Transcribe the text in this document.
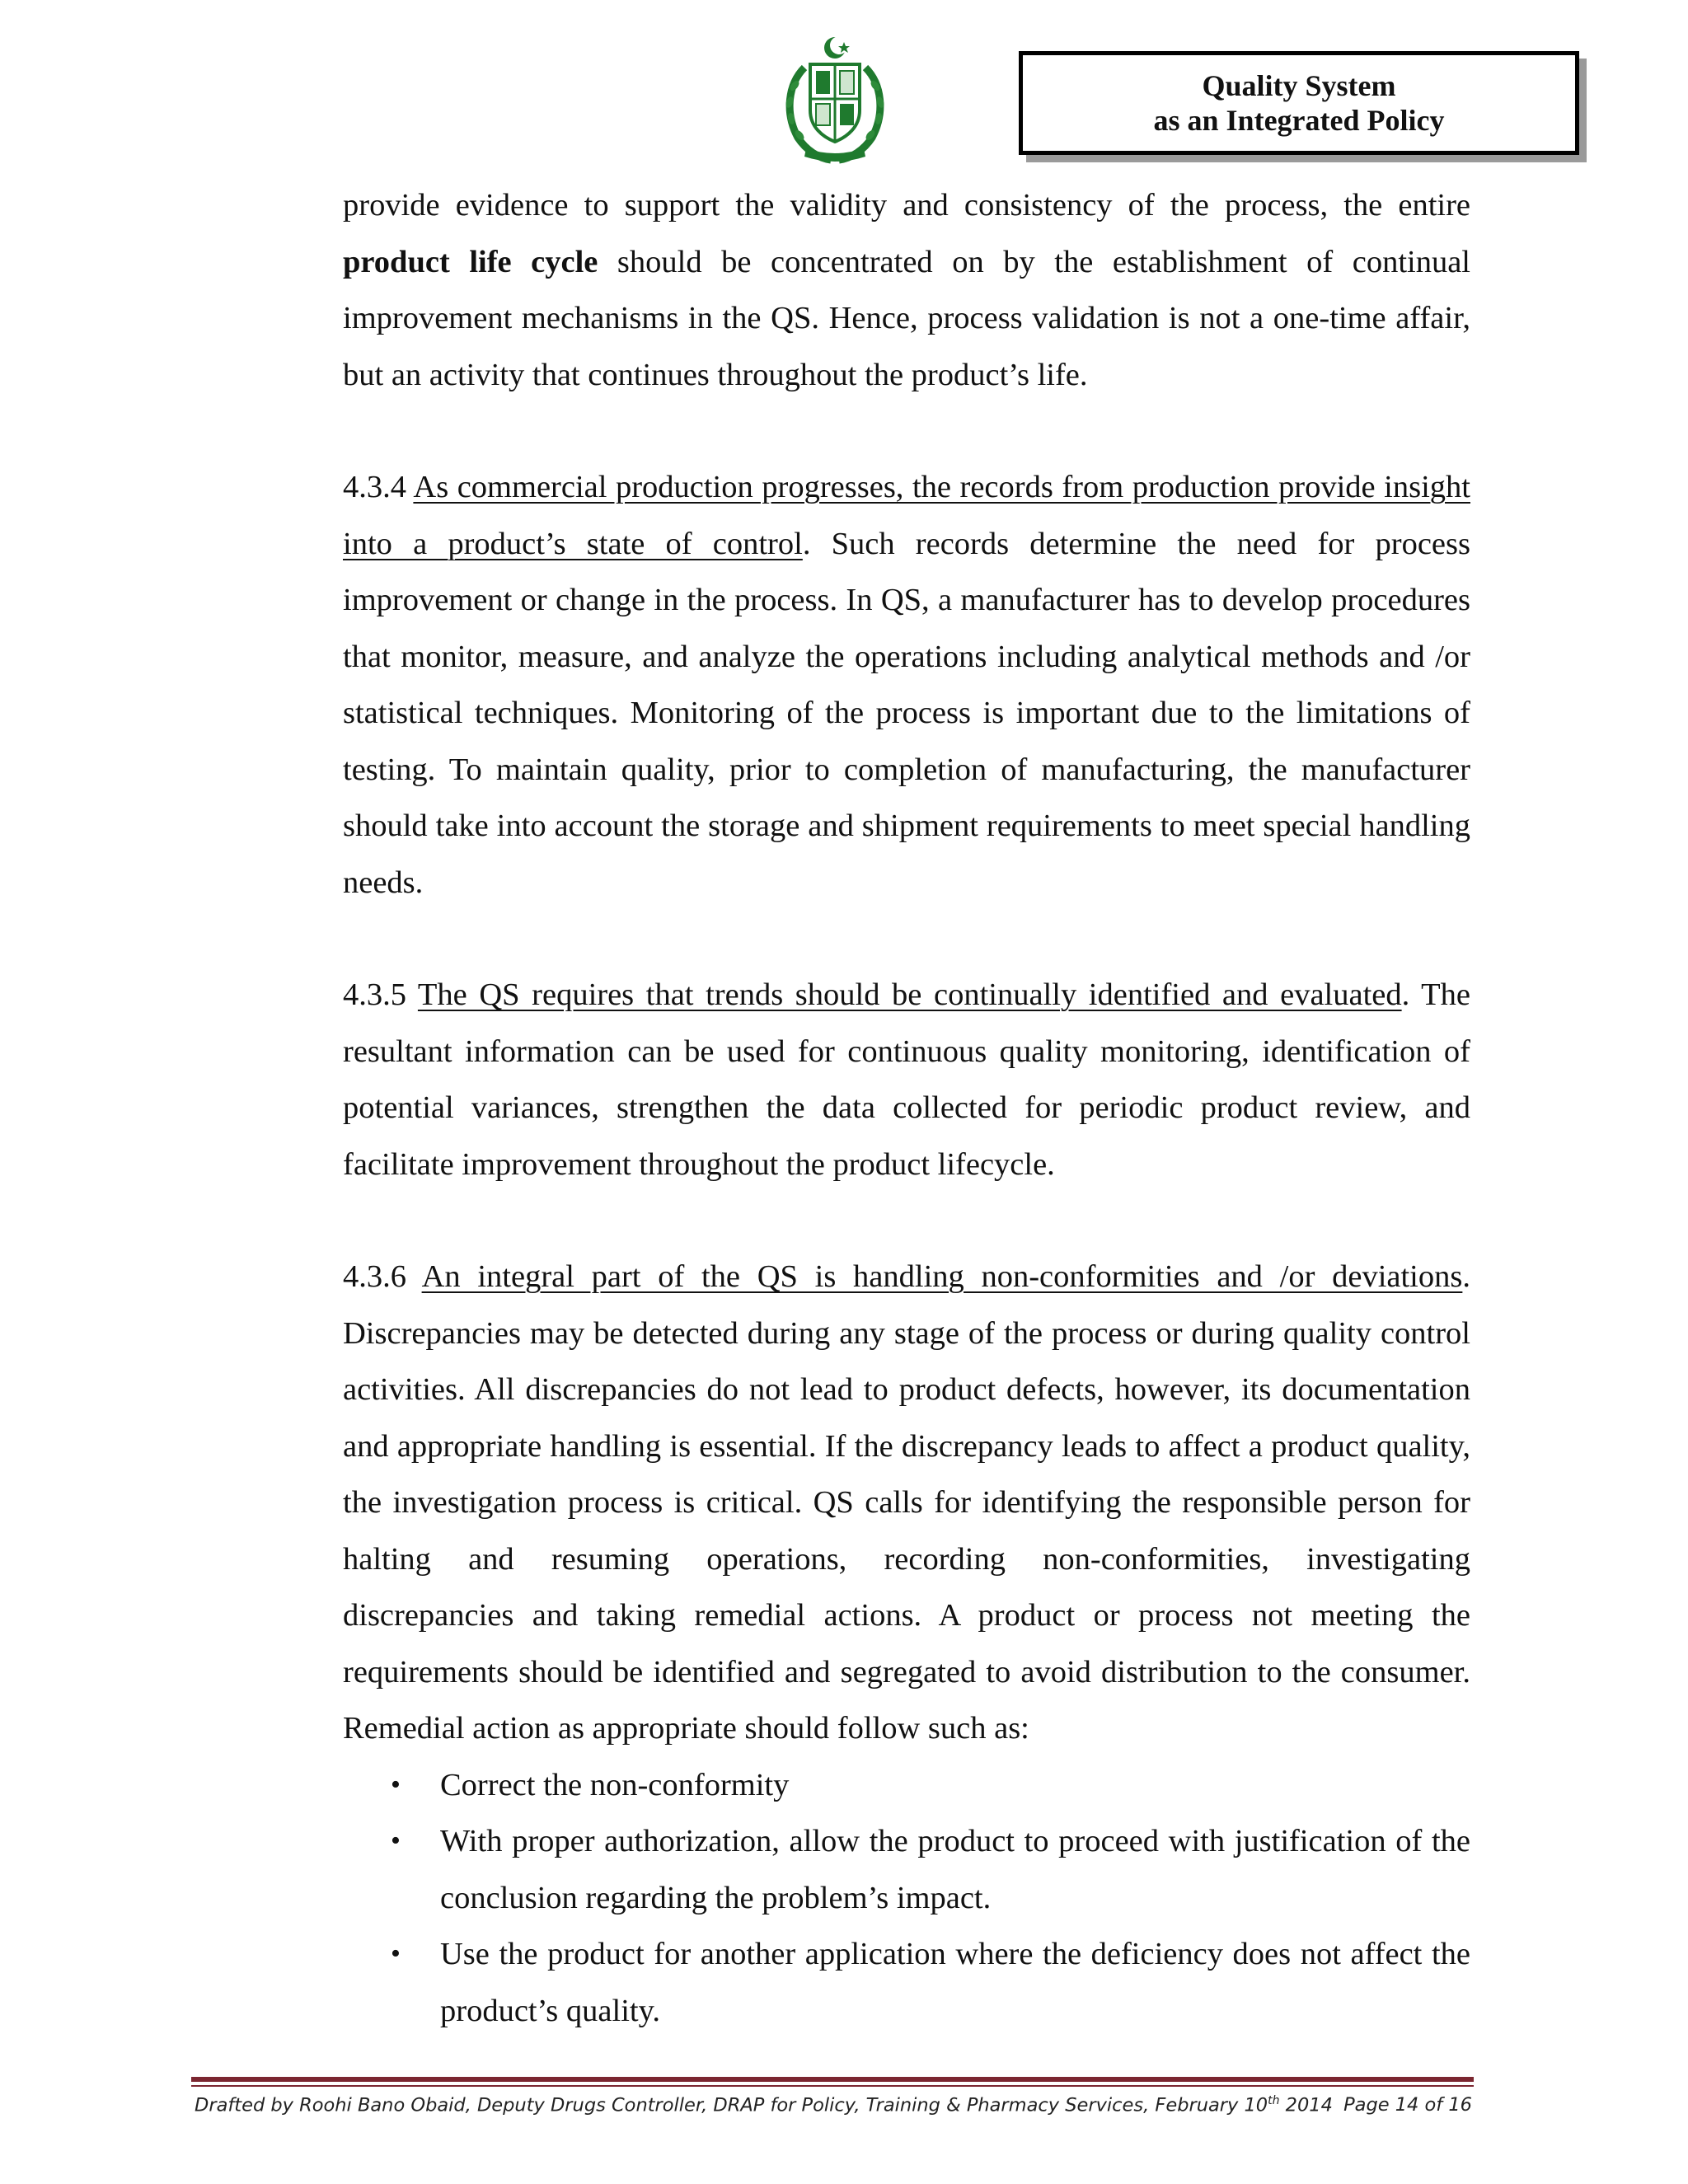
Quality System
as an Integrated Policy

provide evidence to support the validity and consistency of the process, the entire product life cycle should be concentrated on by the establishment of continual improvement mechanisms in the QS. Hence, process validation is not a one-time affair, but an activity that continues throughout the product’s life.

4.3.4 As commercial production progresses, the records from production provide insight into a product’s state of control. Such records determine the need for process improvement or change in the process. In QS, a manufacturer has to develop procedures that monitor, measure, and analyze the operations including analytical methods and /or statistical techniques. Monitoring of the process is important due to the limitations of testing. To maintain quality, prior to completion of manufacturing, the manufacturer should take into account the storage and shipment requirements to meet special handling needs.

4.3.5 The QS requires that trends should be continually identified and evaluated. The resultant information can be used for continuous quality monitoring, identification of potential variances, strengthen the data collected for periodic product review, and facilitate improvement throughout the product lifecycle.

4.3.6 An integral part of the QS is handling non-conformities and /or deviations. Discrepancies may be detected during any stage of the process or during quality control activities. All discrepancies do not lead to product defects, however, its documentation and appropriate handling is essential. If the discrepancy leads to affect a product quality, the investigation process is critical. QS calls for identifying the responsible person for halting and resuming operations, recording non-conformities, investigating discrepancies and taking remedial actions. A product or process not meeting the requirements should be identified and segregated to avoid distribution to the consumer. Remedial action as appropriate should follow such as:

• Correct the non-conformity
• With proper authorization, allow the product to proceed with justification of the conclusion regarding the problem’s impact.
• Use the product for another application where the deficiency does not affect the product’s quality.
Drafted by Roohi Bano Obaid, Deputy Drugs Controller, DRAP for Policy, Training & Pharmacy Services, February 10th 2014 Page 14 of 16
